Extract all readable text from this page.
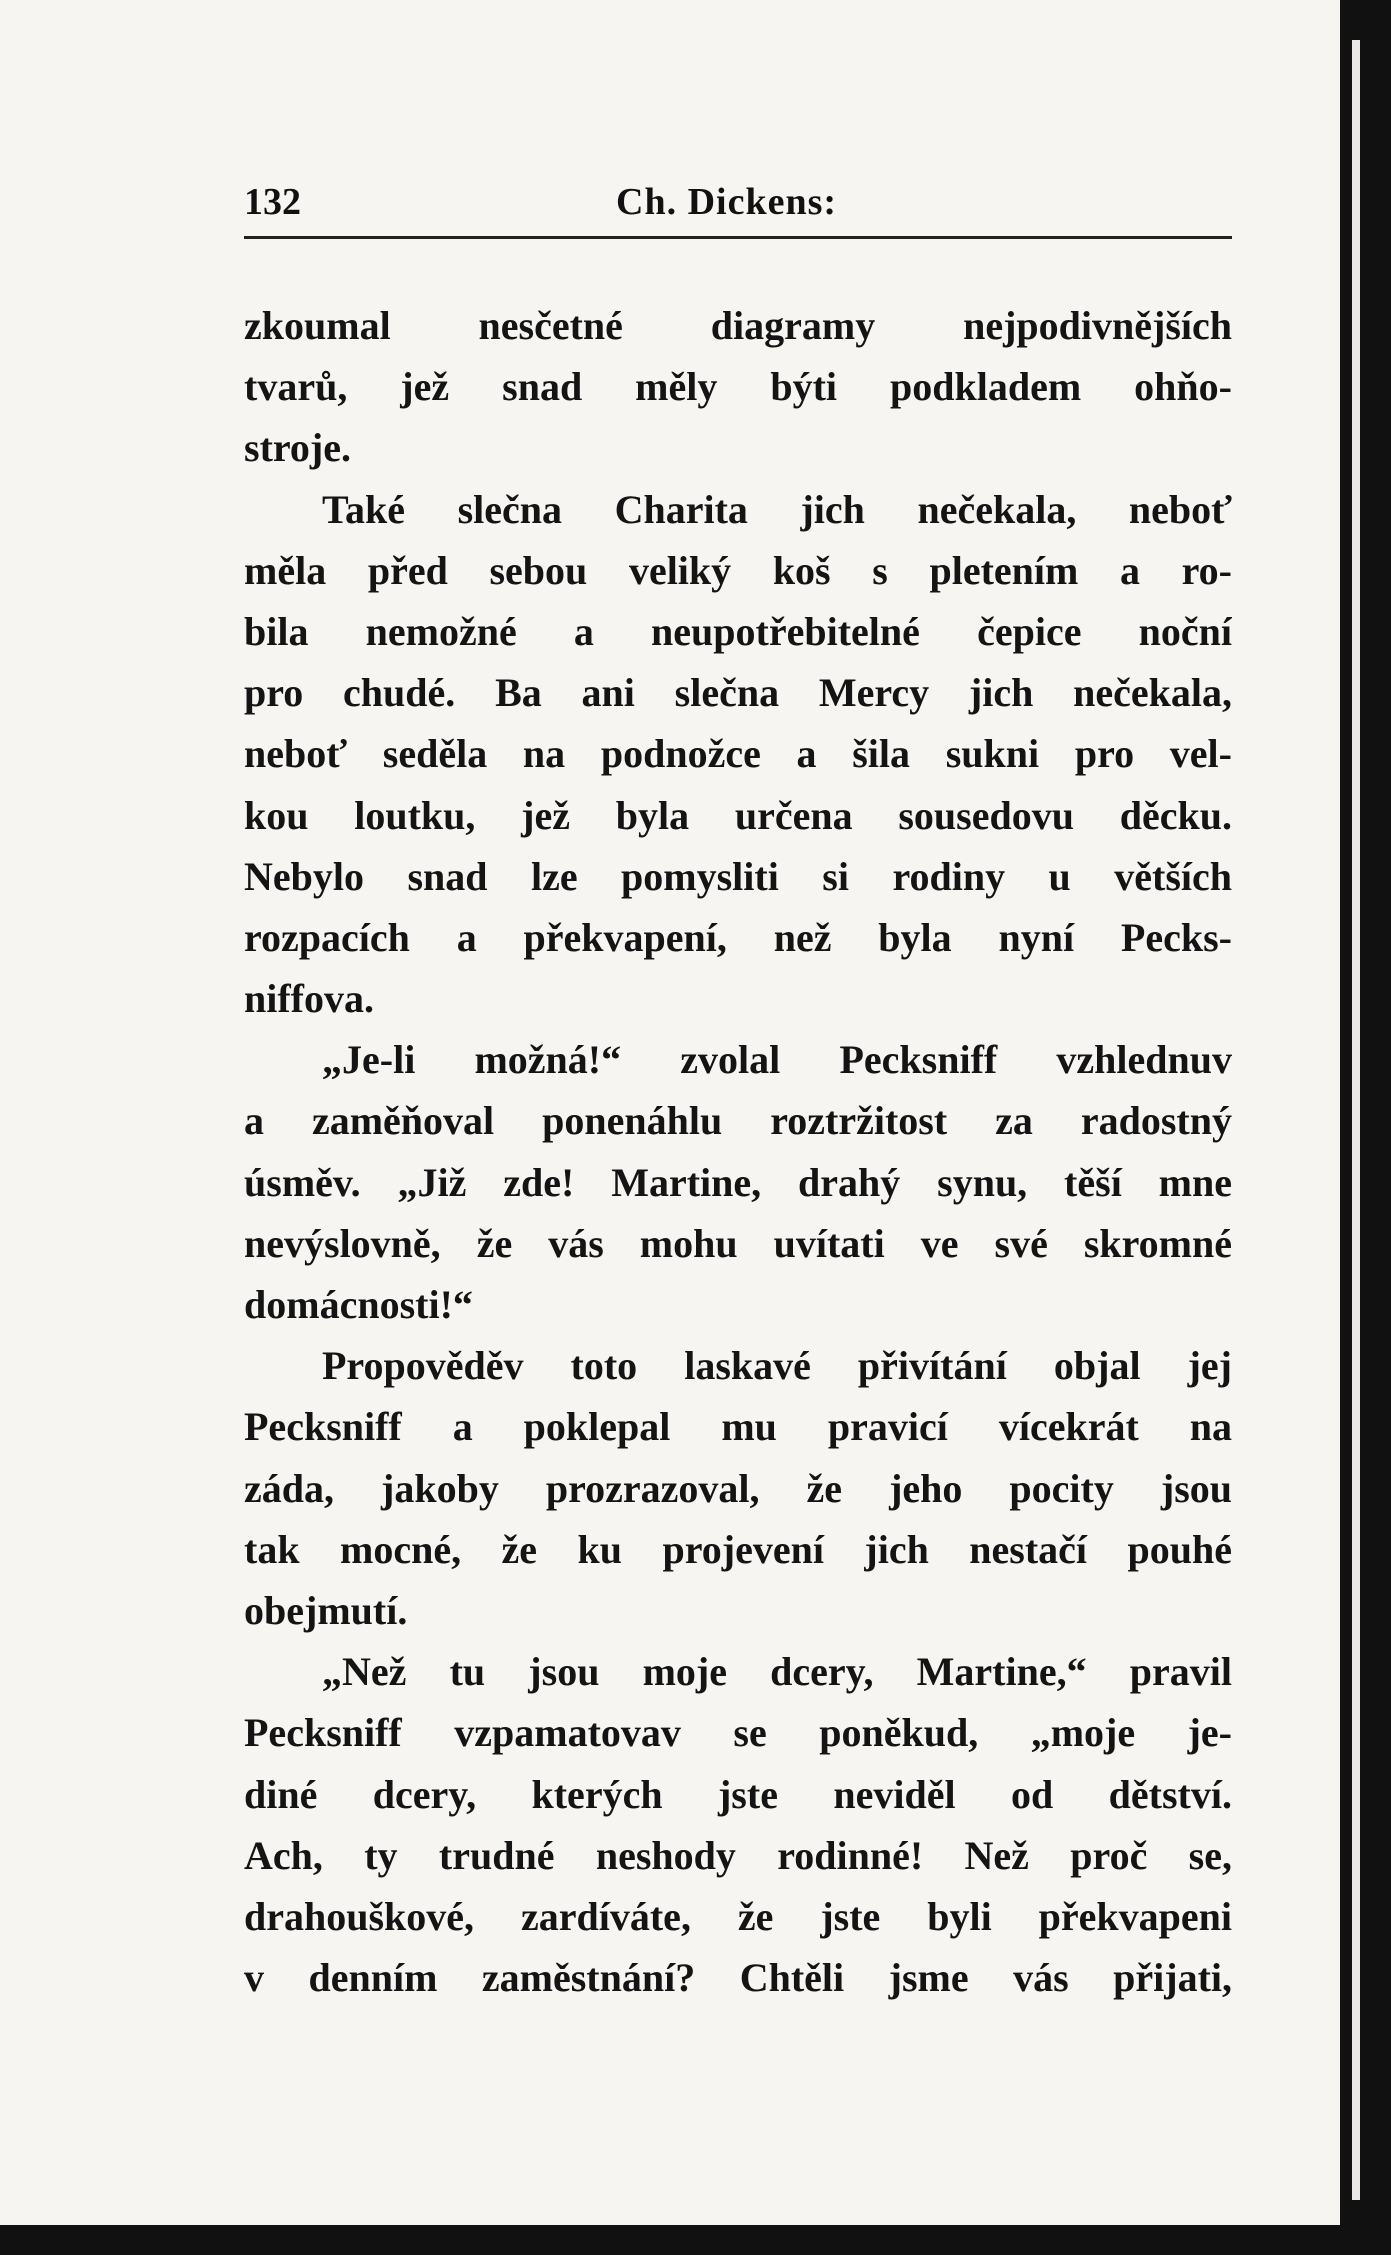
132	Ch. Dickens:
zkoumal nesčetné diagramy nejpodivnějších
tvarů, jež snad měly býti podkladem ohňo-
stroje.
Také slečna Charita jich nečekala, neboť
měla před sebou veliký koš s pletením a ro-
bila nemožné a neupotřebitelné čepice noční
pro chudé. Ba ani slečna Mercy jich nečekala,
neboť seděla na podnožce a šila sukni pro vel-
kou loutku, jež byla určena sousedovu děcku.
Nebylo snad lze pomysliti si rodiny u větších
rozpacích a překvapení, než byla nyní Pecks-
niffova.
„Je-li možná!“ zvolal Pecksniff vzhlednuv
a zaměňoval ponenáhlu roztržitost za radostný
úsměv. „Již zde! Martine, drahý synu, těší mne
nevýslovně, že vás mohu uvítati ve své skromné
domácnosti!“
Propověděv toto laskavé přivítání objal jej
Pecksniff a poklepal mu pravicí vícekrát na
záda, jakoby prozrazoval, že jeho pocity jsou
tak mocné, že ku projevení jich nestačí pouhé
obejmutí.
„Než tu jsou moje dcery, Martine,“ pravil
Pecksniff vzpamatovav se poněkud, „moje je-
diné dcery, kterých jste neviděl od dětství.
Ach, ty trudné neshody rodinné! Než proč se,
drahouškové, zardíváte, že jste byli překvapeni
v denním zaměstnání? Chtěli jsme vás přijati,
